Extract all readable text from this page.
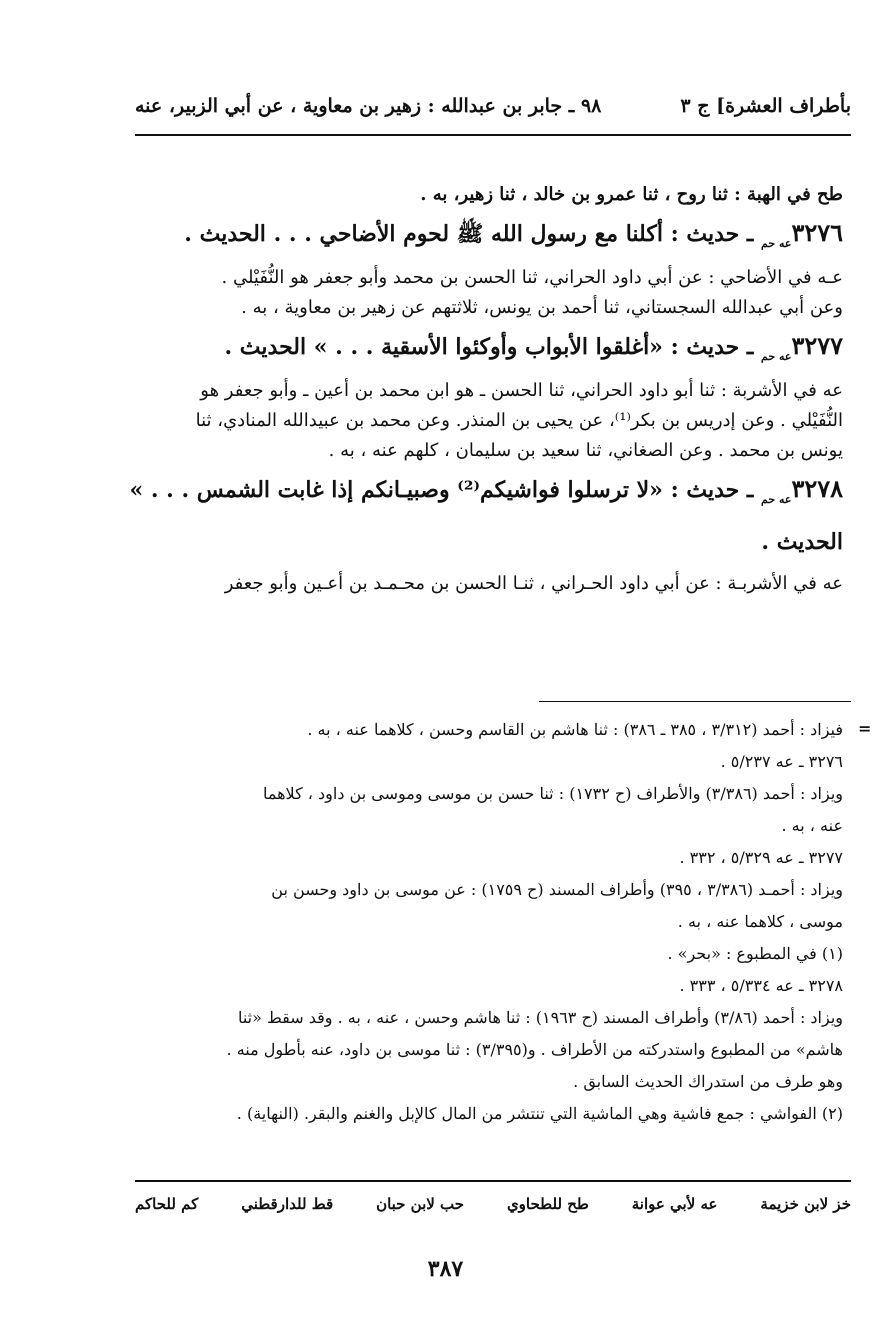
بأطراف العشرة] ج ٣
٩٨ ـ جابر بن عبدالله : زهير بن معاوية ، عن أبي الزبير، عنه
طح في الهبة : ثنا روح ، ثنا عمرو بن خالد ، ثنا زهير، به .
$٣٢٧٦_{عه حم}$ ـ حديث : أكلنا مع رسول الله ﷺ لحوم الأضاحي . . . الحديث .
عـه في الأضاحي : عن أبي داود الحراني، ثنا الحسن بن محمد وأبو جعفر هو النُّفَيْلي .
وعن أبي عبدالله السجستاني، ثنا أحمد بن يونس، ثلاثتهم عن زهير بن معاوية ، به .
$٣٢٧٧_{عه حم}$ ـ حديث : «أغلقوا الأبواب وأوكئوا الأسقية . . . » الحديث .
عه في الأشربة : ثنا أبو داود الحراني، ثنا الحسن ـ هو ابن محمد بن أعين ـ وأبو جعفر هو
النُّفَيْلي . وعن إدريس بن بكر⁽¹⁾، عن يحيى بن المنذر. وعن محمد بن عبيدالله المنادي، ثنا
يونس بن محمد . وعن الصغاني، ثنا سعيد بن سليمان ، كلهم عنه ، به .
$٣٢٧٨_{عه حم}$ ـ حديث : «لا ترسلوا فواشيكم⁽²⁾ وصبيـانكم إذا غابت الشمس . . . »
الحديث .
عه في الأشربـة : عن أبي داود الحـراني ، ثنـا الحسن بن محـمـد بن أعـين وأبو جعفر
=
فيزاد : أحمد (٣/٣١٢ ، ٣٨٥ ـ ٣٨٦) : ثنا هاشم بن القاسم وحسن ، كلاهما عنه ، به .
٣٢٧٦ ـ عه ٥/٢٣٧ .
ويزاد : أحمد (٣/٣٨٦) والأطراف (ح ١٧٣٢) : ثنا حسن بن موسى وموسى بن داود ، كلاهما
عنه ، به .
٣٢٧٧ ـ عه ٥/٣٢٩ ، ٣٣٢ .
ويزاد : أحمـد (٣/٣٨٦ ، ٣٩٥) وأطراف المسند (ح ١٧٥٩) : عن موسى بن داود وحسن بن
موسى ، كلاهما عنه ، به .
(١) في المطبوع : «بحر» .
٣٢٧٨ ـ عه ٥/٣٣٤ ، ٣٣٣ .
ويزاد : أحمد (٣/٨٦) وأطراف المسند (ح ١٩٦٣) : ثنا هاشم وحسن ، عنه ، به . وقد سقط «ثنا
هاشم» من المطبوع واستدركته من الأطراف . و(٣/٣٩٥) : ثنا موسى بن داود، عنه بأطول منه .
وهو طرف من استدراك الحديث السابق .
(٢) الفواشي : جمع فاشية وهي الماشية التي تنتشر من المال كالإبل والغنم والبقر. (النهاية) .
خز لابن خزيمة
عه لأبي عوانة
طح للطحاوي
حب لابن حبان
قط للدارقطني
كم للحاكم
٣٨٧
